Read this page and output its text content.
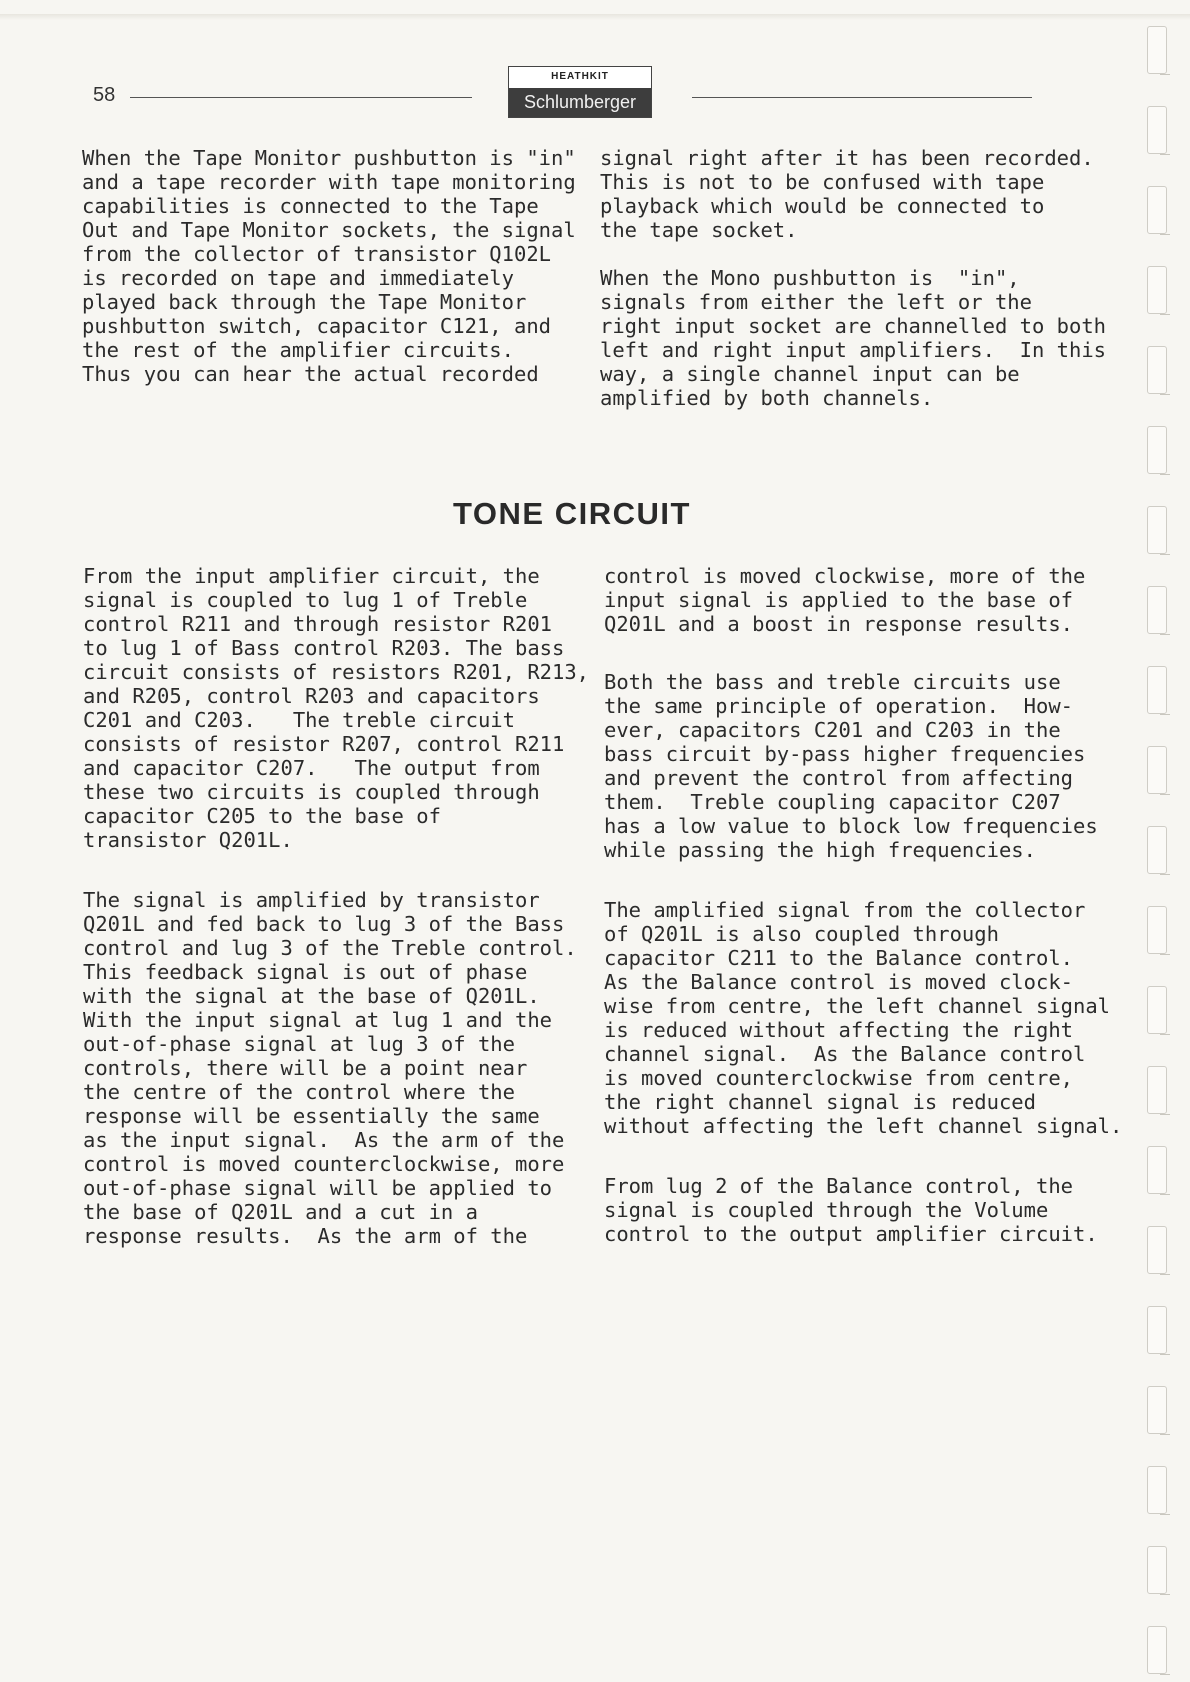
58
HEATHKIT
Schlumberger

When the Tape Monitor pushbutton is "in"
and a tape recorder with tape monitoring
capabilities is connected to the Tape
Out and Tape Monitor sockets, the signal
from the collector of transistor Q102L
is recorded on tape and immediately
played back through the Tape Monitor
pushbutton switch, capacitor C121, and
the rest of the amplifier circuits.
Thus you can hear the actual recorded

signal right after it has been recorded.
This is not to be confused with tape
playback which would be connected to
the tape socket.

When the Mono pushbutton is  "in",
signals from either the left or the
right input socket are channelled to both
left and right input amplifiers.  In this
way, a single channel input can be
amplified by both channels.

TONE CIRCUIT

From the input amplifier circuit, the
signal is coupled to lug 1 of Treble
control R211 and through resistor R201
to lug 1 of Bass control R203. The bass
circuit consists of resistors R201, R213,
and R205, control R203 and capacitors
C201 and C203.   The treble circuit
consists of resistor R207, control R211
and capacitor C207.   The output from
these two circuits is coupled through
capacitor C205 to the base of
transistor Q201L.

control is moved clockwise, more of the
input signal is applied to the base of
Q201L and a boost in response results.

Both the bass and treble circuits use
the same principle of operation.  How-
ever, capacitors C201 and C203 in the
bass circuit by-pass higher frequencies
and prevent the control from affecting
them.  Treble coupling capacitor C207
has a low value to block low frequencies
while passing the high frequencies.

The signal is amplified by transistor
Q201L and fed back to lug 3 of the Bass
control and lug 3 of the Treble control.
This feedback signal is out of phase
with the signal at the base of Q201L.
With the input signal at lug 1 and the
out-of-phase signal at lug 3 of the
controls, there will be a point near
the centre of the control where the
response will be essentially the same
as the input signal.  As the arm of the
control is moved counterclockwise, more
out-of-phase signal will be applied to
the base of Q201L and a cut in a
response results.  As the arm of the

The amplified signal from the collector
of Q201L is also coupled through
capacitor C211 to the Balance control.
As the Balance control is moved clock-
wise from centre, the left channel signal
is reduced without affecting the right
channel signal.  As the Balance control
is moved counterclockwise from centre,
the right channel signal is reduced
without affecting the left channel signal.

From lug 2 of the Balance control, the
signal is coupled through the Volume
control to the output amplifier circuit.
